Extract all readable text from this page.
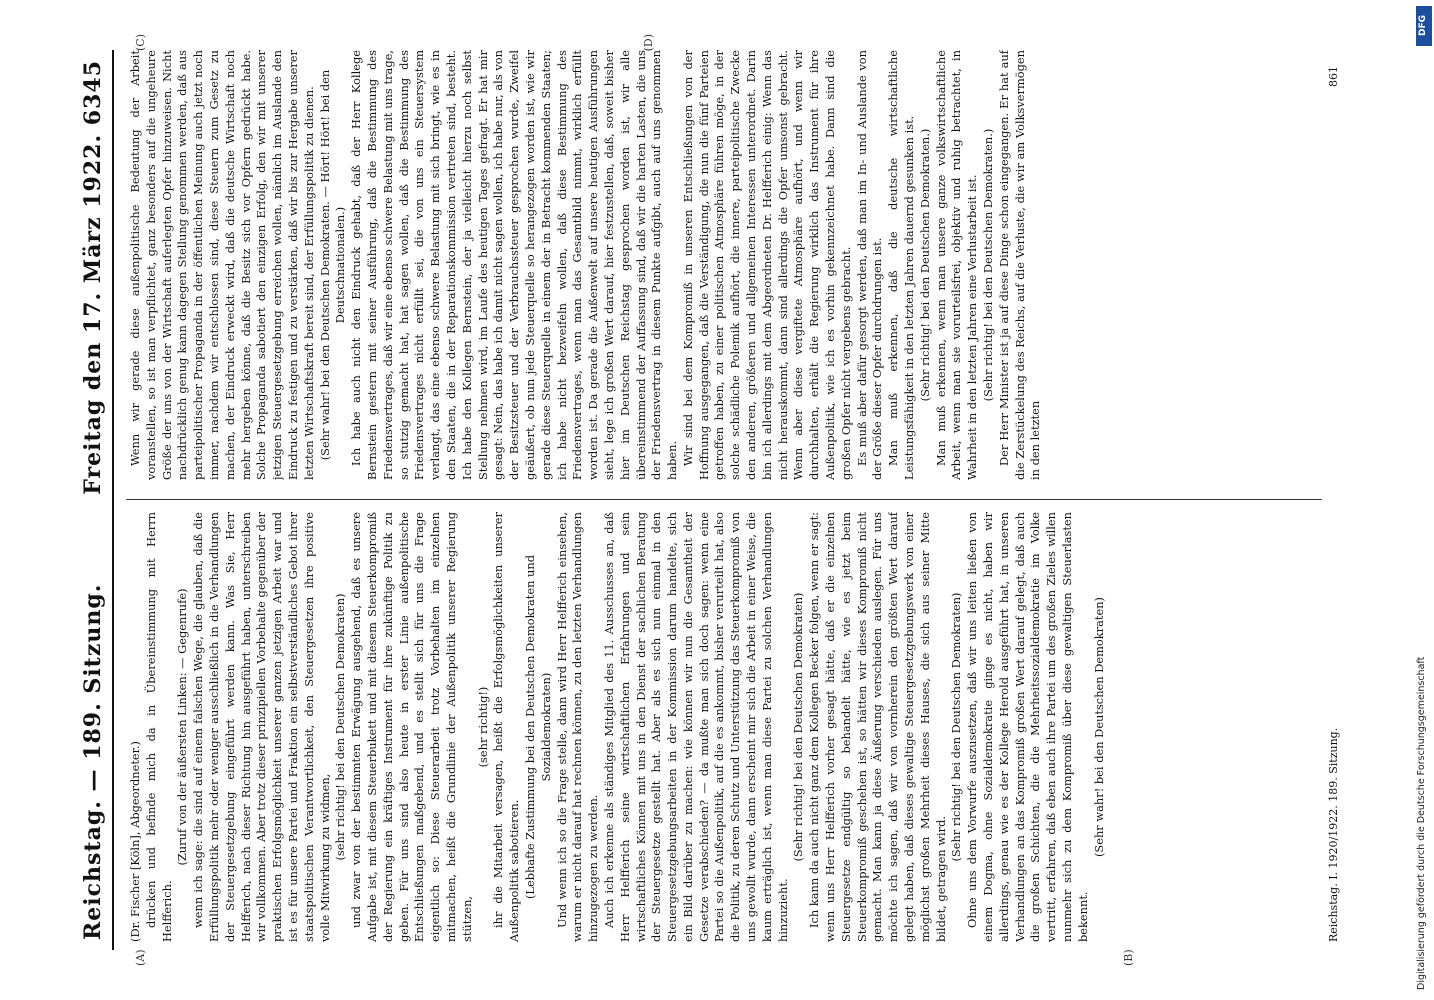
Reichstag. — 189. Sitzung.
Freitag den 17. März 1922. 6345
(A)	(B)
(C)	(D)

(Dr. Fischer [Köln], Abgeordneter.) drücken und befinde mich da in Übereinstimmung mit Herrn Helfferich.

(Zuruf von der äußersten Linken: — Gegenrufe) wenn ich sage: die sind auf einem falschen Wege, die glauben, daß die Erfüllungspolitik mehr oder weniger ausschließlich in die Verhandlungen der Steuergesetzgebung eingeführt werden kann. Was Sie, Herr Helfferich, nach dieser Richtung hin ausgeführt haben, unterschreiben wir vollkommen. Aber trotz dieser prinzipiellen Vorbehalte gegenüber der praktischen Erfolgsmöglichkeit unserer ganzen jetzigen Arbeit war und ist es für unsere Partei und Fraktion ein selbstverständliches Gebot ihrer staatspolitischen Verantwortlichkeit, den Steuergesetzen ihre positive volle Mitwirkung zu widmen, (sehr richtig! bei den Deutschen Demokraten) und zwar von der bestimmten Erwägung ausgehend, daß es unsere Aufgabe ist, mit diesem Steuerbukett und mit diesem Steuerkompromiß der Regierung ein kräftiges Instrument für ihre zukünftige Politik zu geben. Für uns sind also heute in erster Linie außenpolitische Entschließungen maßgebend, und es stellt sich für uns die Frage eigentlich so: Diese Steuerarbeit trotz Vorbehalten im einzelnen mitmachen, heißt die Grundlinie der Außenpolitik unserer Regierung stützen,

(sehr richtig!) ihr die Mitarbeit versagen, heißt die Erfolgsmöglichkeiten unserer Außenpolitik sabotieren. (Lebhafte Zustimmung bei den Deutschen Demokraten und Sozialdemokraten) Und wenn ich so die Frage stelle, dann wird Herr Helfferich einsehen, warum er nicht darauf hat rechnen können, zu den letzten Verhandlungen hinzugezogen zu werden. Auch ich erkenne als ständiges Mitglied des 11. Ausschusses an, daß Herr Helfferich seine wirtschaftlichen Erfahrungen und sein wirtschaftliches Können mit uns in den Dienst der sachlichen Beratung der Steuergesetze gestellt hat. Aber als es sich nun einmal in den Steuergesetzgebungsarbeiten in der Kommission darum handelte, sich ein Bild darüber zu machen: wie können wir nun die Gesamtheit der Gesetze verabschieden? — da mußte man sich doch sagen: wenn eine Partei so die Außenpolitik, auf die es ankommt, bisher verurteilt hat, also die Politik, zu deren Schutz und Unterstützung das Steuerkompromiß von uns gewollt wurde, dann erscheint mir sich die Arbeit in einer Weise, die kaum erträglich ist, wenn man diese Partei zu solchen Verhandlungen hinzuzieht.

(Sehr richtig! bei den Deutschen Demokraten) Ich kann da auch nicht ganz dem Kollegen Becker folgen, wenn er sagt: wenn uns Herr Helfferich vorher gesagt hätte, daß er die einzelnen Steuergesetze endgültig so behandelt hätte, wie es jetzt beim Steuerkompromiß geschehen ist, so hätten wir dieses Kompromiß nicht gemacht. Man kann ja diese Äußerung verschieden auslegen. Für uns möchte ich sagen, daß wir von vornherein den größten Wert darauf gelegt haben, daß dieses gewaltige Steuergesetzgebungswerk von einer möglichst großen Mehrheit dieses Hauses, die sich aus seiner Mitte bildet, getragen wird.

(Sehr richtig! bei den Deutschen Demokraten) Ohne uns dem Vorwurfe auszusetzen, daß wir uns leiten ließen von einem Dogma, ohne Sozialdemokratie ginge es nicht, haben wir allerdings, genau wie es der Kollege Herold ausgeführt hat, in unseren Verhandlungen an das Kompromiß großen Wert darauf gelegt, daß auch die großen Schichten, die die Mehrheitssozialdemokratie im Volke vertritt, erfahren, daß eben auch ihre Partei um des großen Zieles willen nunmehr sich zu dem Kompromiß über diese gewaltigen Steuerlasten bekennt.

(Sehr wahr! bei den Deutschen Demokraten)

Wenn wir gerade diese außenpolitische Bedeutung der Arbeit voranstellen, so ist man verpflichtet, ganz besonders auf die ungeheure Größe der uns von der Wirtschaft auferlegten Opfer hinzuweisen. Nicht nachdrücklich genug kann dagegen Stellung genommen werden, daß aus parteipolitischer Propaganda in der öffentlichen Meinung auch jetzt noch immer, nachdem wir entschlossen sind, diese Steuern zum Gesetz zu machen, der Eindruck erweckt wird, daß die deutsche Wirtschaft noch mehr hergeben könne, daß die Besitz sich vor Opfern gedrückt habe. Solche Propaganda sabotiert den einzigen Erfolg, den wir mit unserer jetzigen Steuergesetzgebung erreichen wollen, nämlich im Auslande den Eindruck zu festigen und zu verstärken, daß wir bis zur Hergabe unserer letzten Wirtschaftskraft bereit sind, der Erfüllungspolitik zu dienen. (Sehr wahr! bei den Deutschen Demokraten. — Hört! Hört! bei den Deutschnationalen.) Ich habe auch nicht den Eindruck gehabt, daß der Herr Kollege Bernstein gestern mit seiner Ausführung, daß die Bestimmung des Friedensvertrages, daß wir eine ebenso schwere Belastung mit uns trage, so stutzig gemacht hat, hat sagen wollen, daß die Bestimmung des Friedensvertrages nicht erfüllt sei, die von uns ein Steuersystem verlangt, das eine ebenso schwere Belastung mit sich bringt, wie es in den Staaten, die in der Reparationskommission vertreten sind, besteht. Ich habe den Kollegen Bernstein, der ja vielleicht hierzu noch selbst Stellung nehmen wird, im Laufe des heutigen Tages gefragt. Er hat mir gesagt: Nein, das habe ich damit nicht sagen wollen, ich habe nur, als von der Besitzsteuer und der Verbrauchssteuer gesprochen wurde, Zweifel geäußert, ob nun jede Steuerquelle so herangezogen worden ist, wie wir gerade diese Steuerquelle in einem der in Betracht kommenden Staaten; ich habe nicht bezweifeln wollen, daß diese Bestimmung des Friedensvertrages, wenn man das Gesamtbild nimmt, wirklich erfüllt worden ist. Da gerade die Außenwelt auf unsere heutigen Ausführungen sieht, lege ich großen Wert darauf, hier festzustellen, daß, soweit bisher hier im Deutschen Reichstag gesprochen worden ist, wir alle übereinstimmend der Auffassung sind, daß wir die harten Lasten, die uns der Friedensvertrag in diesem Punkte aufgibt, auch auf uns genommen haben. Wir sind bei dem Kompromiß in unseren Entschließungen von der Hoffnung ausgegangen, daß die Verständigung, die nun die fünf Parteien getroffen haben, zu einer politischen Atmosphäre führen möge, in der solche schädliche Polemik aufhört, die innere, parteipolitische Zwecke den anderen, größeren und allgemeinen Interessen unterordnet. Darin bin ich allerdings mit dem Abgeordneten Dr. Helfferich einig: Wenn das nicht herauskommt, dann sind allerdings die Opfer umsonst gebracht. Wenn aber diese vergiftete Atmosphäre aufhört, und wenn wir durchhalten, erhält die Regierung wirklich das Instrument für ihre Außenpolitik, wie ich es vorhin gekennzeichnet habe. Dann sind die großen Opfer nicht vergebens gebracht. Es muß aber dafür gesorgt werden, daß man im In- und Auslande von der Größe dieser Opfer durchdrungen ist. Man muß erkennen, daß die deutsche wirtschaftliche Leistungsfähigkeit in den letzten Jahren dauernd gesunken ist. (Sehr richtig! bei den Deutschen Demokraten.) Man muß erkennen, wenn man unsere ganze volkswirtschaftliche Arbeit, wenn man sie vorurteilsfrei, objektiv und ruhig betrachtet, in Wahrheit in den letzten Jahren eine Verlustarbeit ist. (Sehr richtig! bei den Deutschen Demokraten.) Der Herr Minister ist ja auf diese Dinge schon eingegangen. Er hat auf die Zerstückelung des Reichs, auf die Verluste, die wir am Volksvermögen in den letzten

Reichstag. I. 1920/1922. 189. Sitzung.
861
DFG
Digitalisierung gefördert durch die Deutsche Forschungsgemeinschaft
